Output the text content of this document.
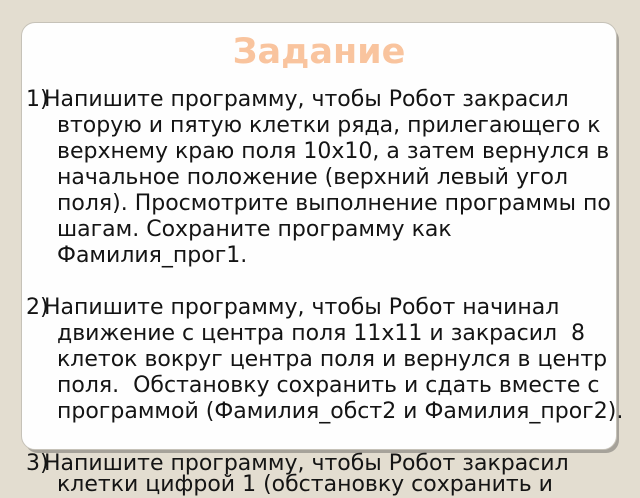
Задание
1)
Напишите программу, чтобы Робот закрасил
вторую и пятую клетки ряда, прилегающего к
верхнему краю поля 10х10, а затем вернулся в
начальное положение (верхний левый угол
поля). Просмотрите выполнение программы по
шагам. Сохраните программу как
Фамилия_прог1.
2)
Напишите программу, чтобы Робот начинал
движение с центра поля 11х11 и закрасил  8
клеток вокруг центра поля и вернулся в центр
поля.  Обстановку сохранить и сдать вместе с
программой (Фамилия_обст2 и Фамилия_прог2).
3)
Напишите программу, чтобы Робот закрасил
клетки цифрой 1 (обстановку сохранить и
